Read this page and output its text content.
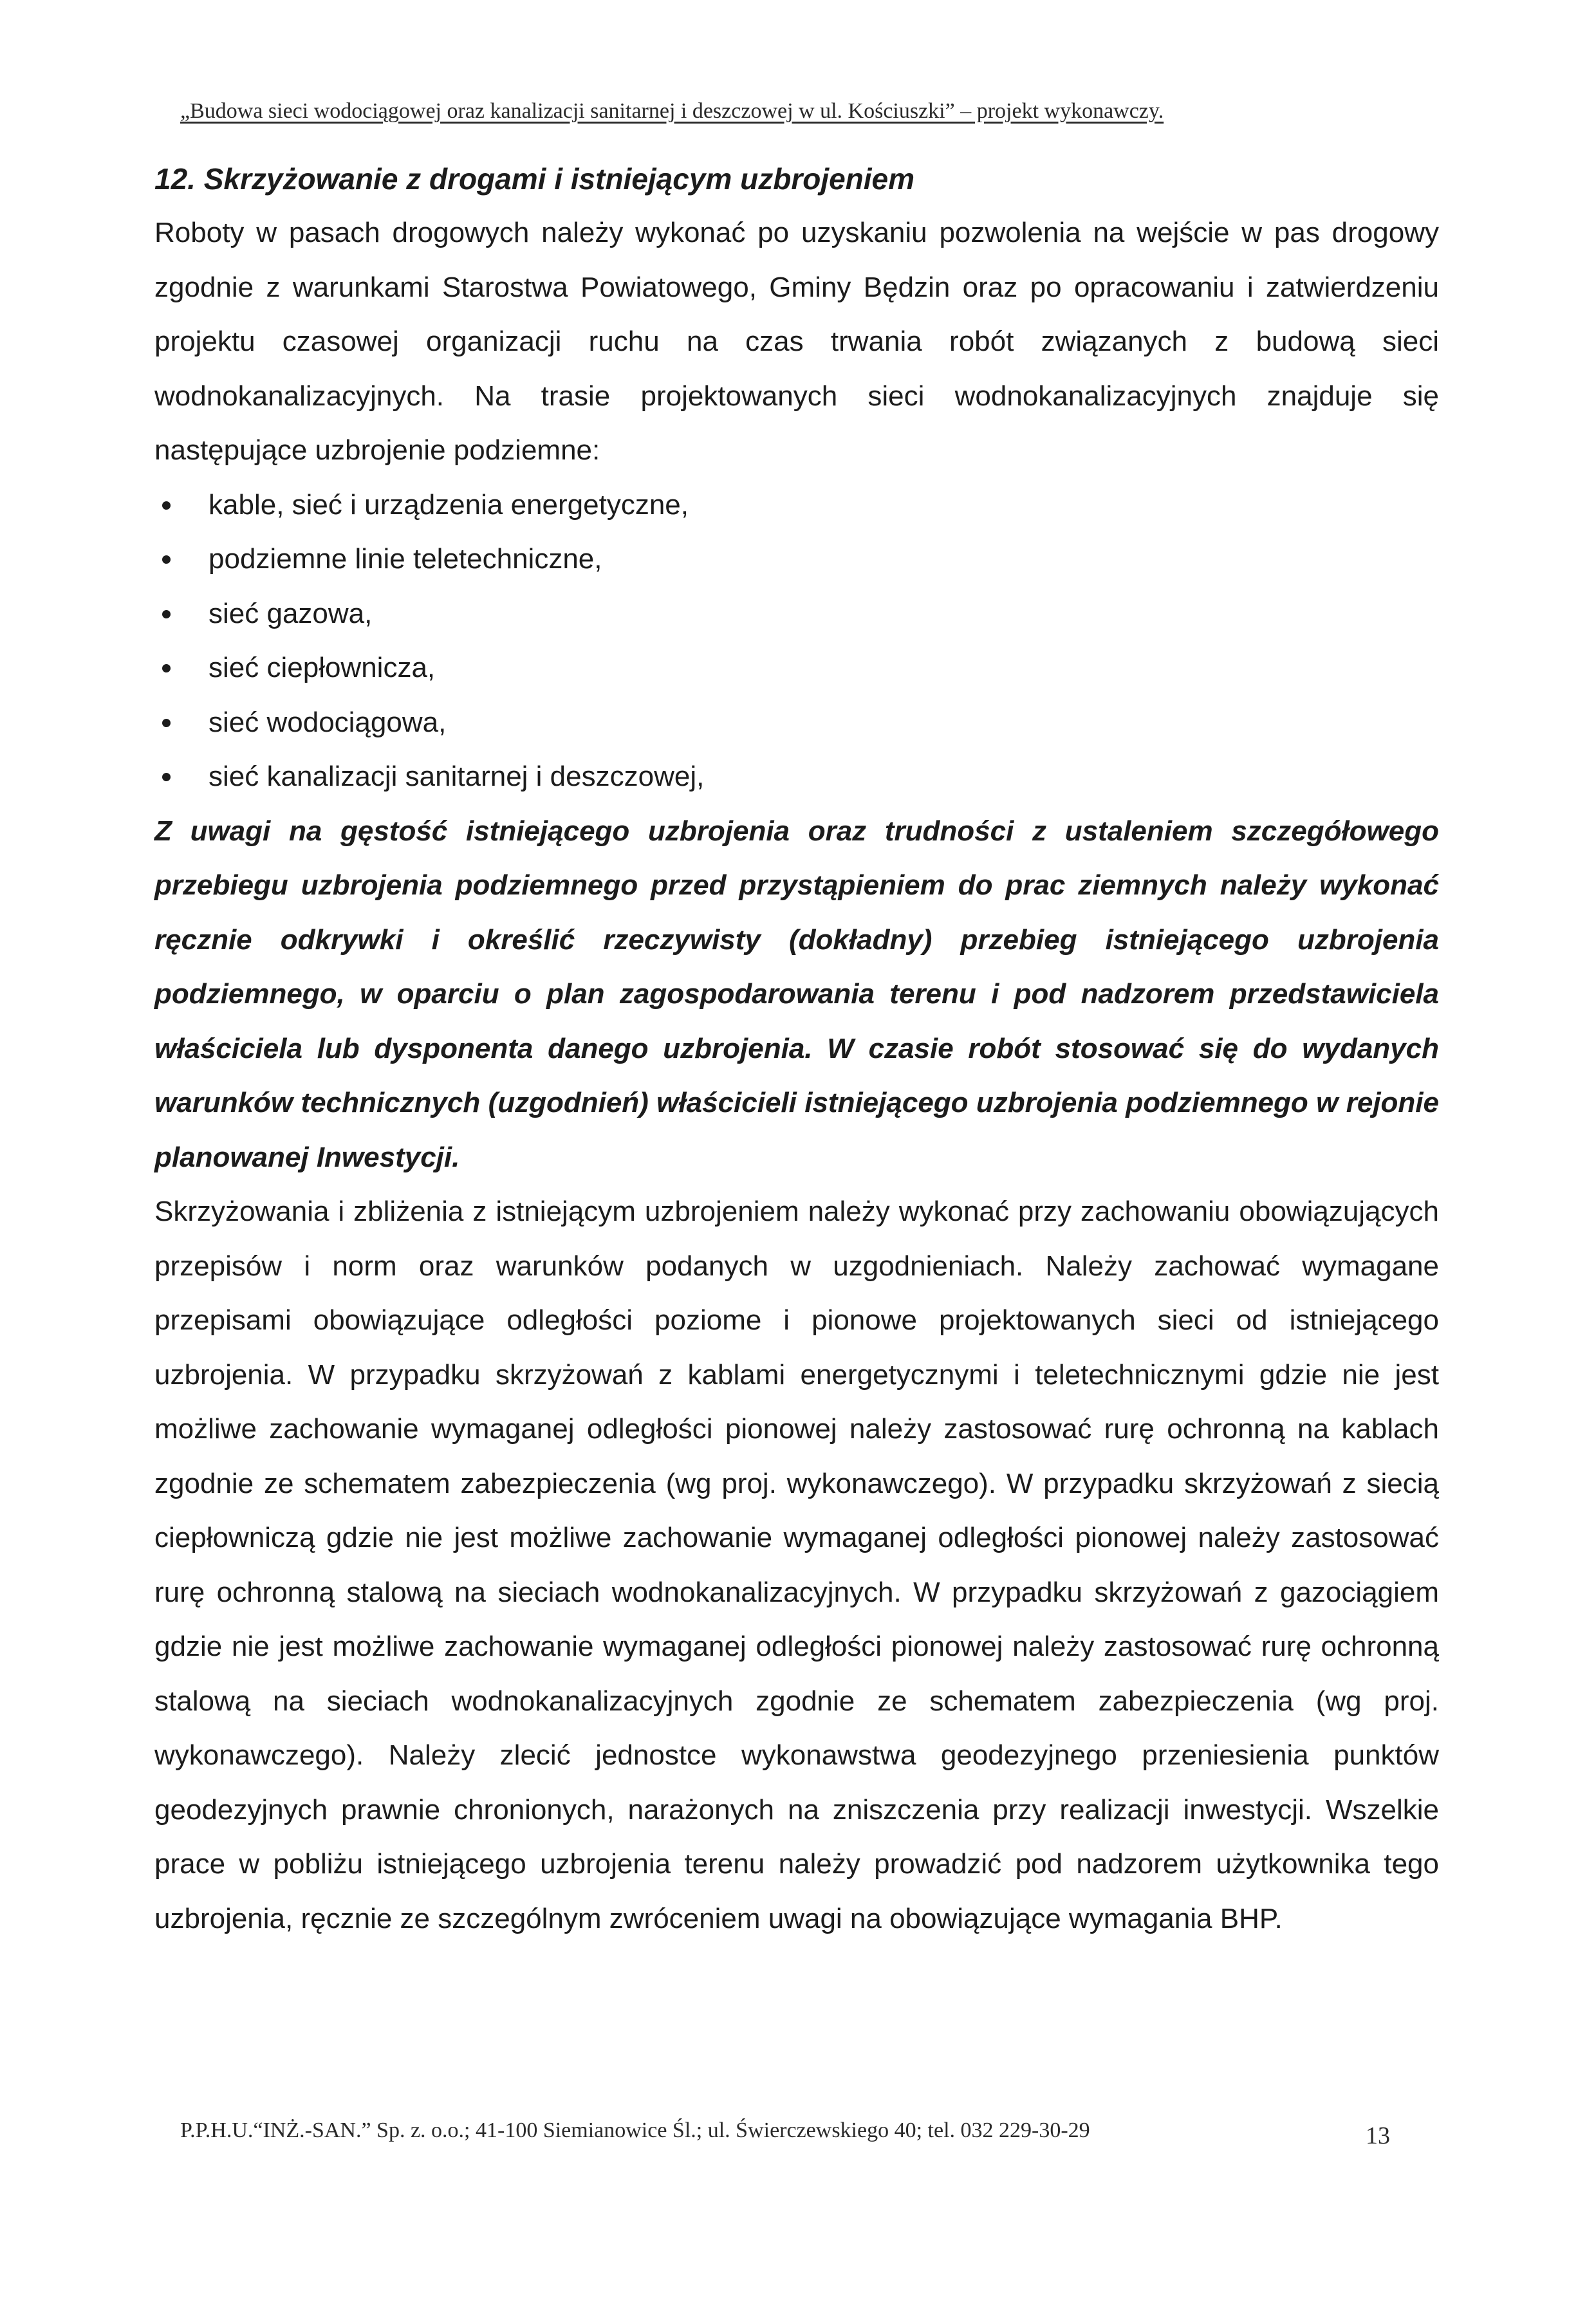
„Budowa sieci wodociągowej oraz kanalizacji sanitarnej i deszczowej w ul. Kościuszki” – projekt wykonawczy.
12. Skrzyżowanie z drogami i istniejącym uzbrojeniem

Roboty w pasach drogowych należy wykonać po uzyskaniu pozwolenia na wejście w pas drogowy zgodnie z warunkami Starostwa Powiatowego, Gminy Będzin oraz po opracowaniu i zatwierdzeniu projektu czasowej organizacji ruchu na czas trwania robót związanych z budową sieci wodnokanalizacyjnych. Na trasie projektowanych sieci wodnokanalizacyjnych znajduje się następujące uzbrojenie podziemne:

kable, sieć i urządzenia energetyczne,
podziemne linie teletechniczne,
sieć gazowa,
sieć ciepłownicza,
sieć wodociągowa,
sieć kanalizacji sanitarnej i deszczowej,

Z uwagi na gęstość istniejącego uzbrojenia oraz trudności z ustaleniem szczegółowego przebiegu uzbrojenia podziemnego przed przystąpieniem do prac ziemnych należy wykonać ręcznie odkrywki i określić rzeczywisty (dokładny) przebieg istniejącego uzbrojenia podziemnego, w oparciu o plan zagospodarowania terenu i pod nadzorem przedstawiciela właściciela lub dysponenta danego uzbrojenia. W czasie robót stosować się do wydanych warunków technicznych (uzgodnień) właścicieli istniejącego uzbrojenia podziemnego w rejonie planowanej Inwestycji.

Skrzyżowania i zbliżenia z istniejącym uzbrojeniem należy wykonać przy zachowaniu obowiązujących przepisów i norm oraz warunków podanych w uzgodnieniach. Należy zachować wymagane przepisami obowiązujące odległości poziome i pionowe projektowanych sieci od istniejącego uzbrojenia. W przypadku skrzyżowań z kablami energetycznymi i teletechnicznymi gdzie nie jest możliwe zachowanie wymaganej odległości pionowej należy zastosować rurę ochronną na kablach zgodnie ze schematem zabezpieczenia (wg proj. wykonawczego). W przypadku skrzyżowań z siecią ciepłowniczą gdzie nie jest możliwe zachowanie wymaganej odległości pionowej należy zastosować rurę ochronną stalową na sieciach wodnokanalizacyjnych. W przypadku skrzyżowań z gazociągiem gdzie nie jest możliwe zachowanie wymaganej odległości pionowej należy zastosować rurę ochronną stalową na sieciach wodnokanalizacyjnych zgodnie ze schematem zabezpieczenia (wg proj. wykonawczego). Należy zlecić jednostce wykonawstwa geodezyjnego przeniesienia punktów geodezyjnych prawnie chronionych, narażonych na zniszczenia przy realizacji inwestycji. Wszelkie prace w pobliżu istniejącego uzbrojenia terenu należy prowadzić pod nadzorem użytkownika tego uzbrojenia, ręcznie ze szczególnym zwróceniem uwagi na obowiązujące wymagania BHP.

P.P.H.U.“INŻ.-SAN.” Sp. z. o.o.; 41-100 Siemianowice Śl.; ul. Świerczewskiego 40; tel. 032 229-30-29	13
